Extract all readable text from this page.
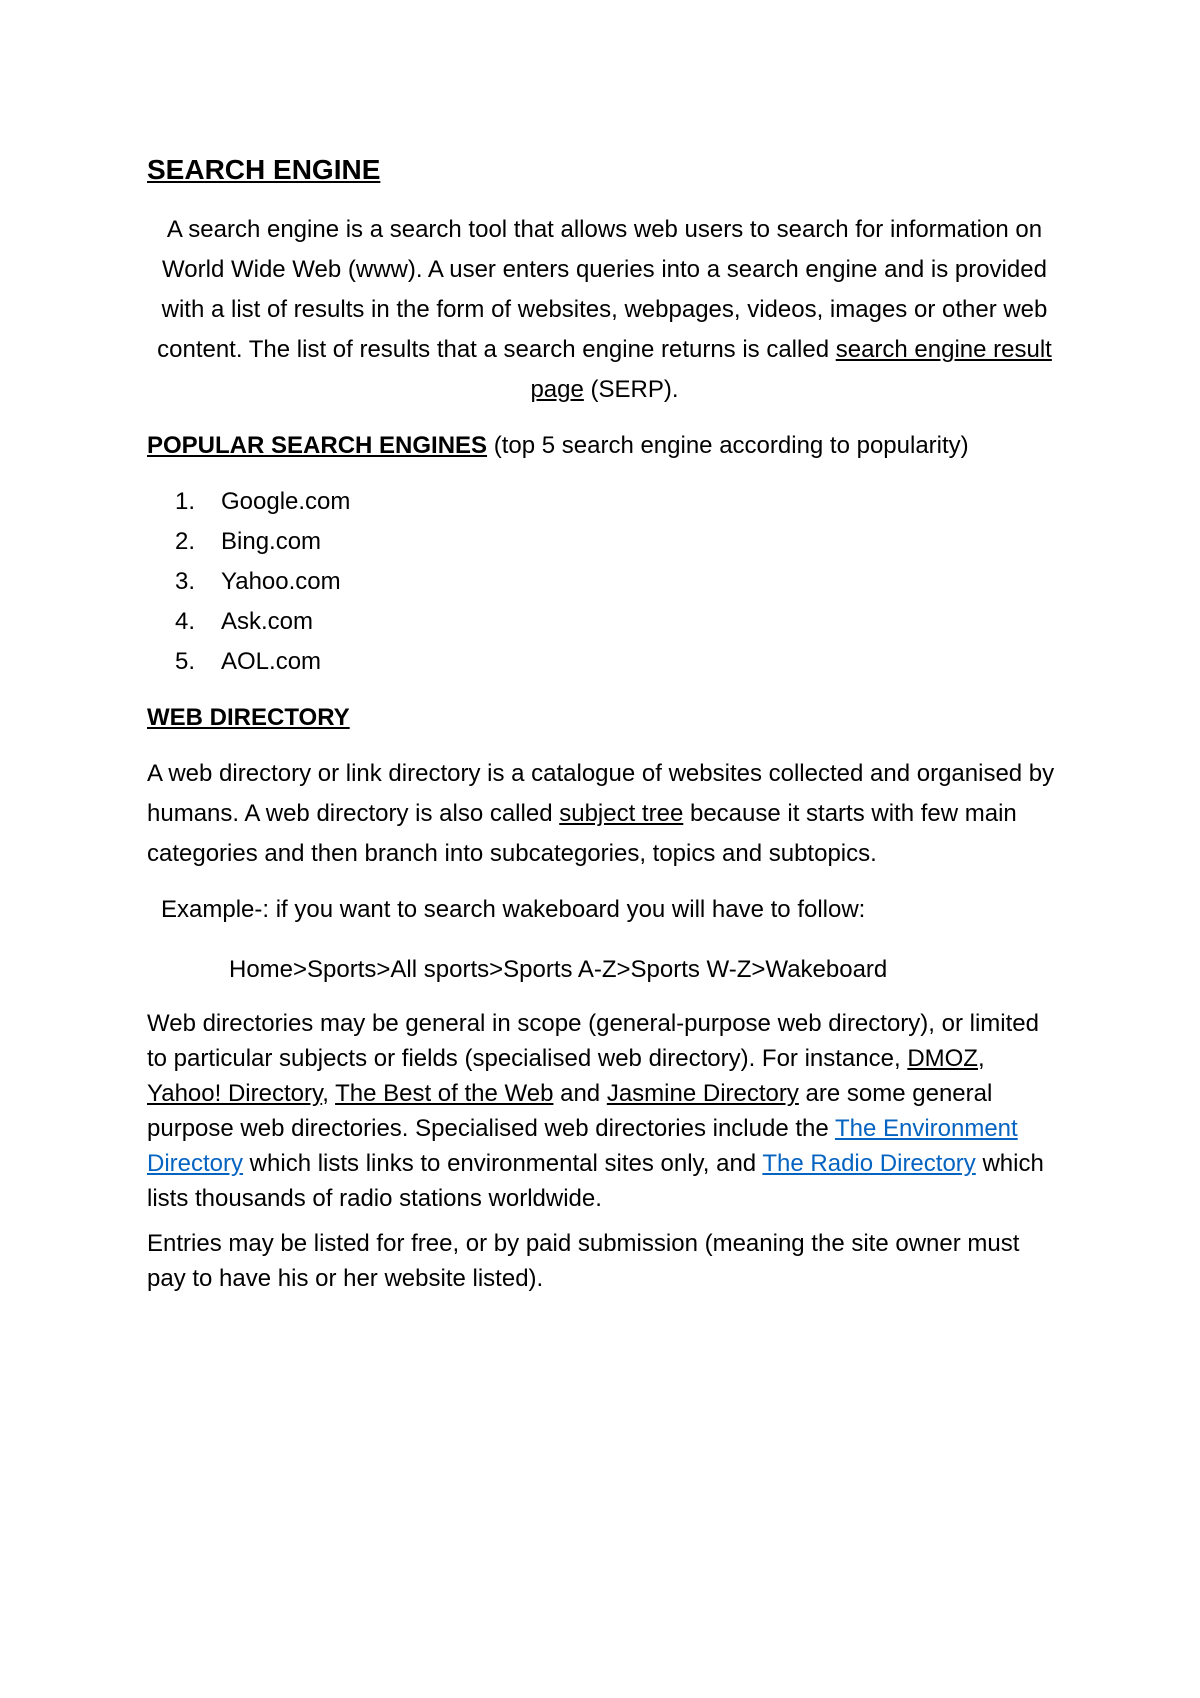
SEARCH ENGINE

A search engine is a search tool that allows web users to search for information on World Wide Web (www). A user enters queries into a search engine and is provided with a list of results in the form of websites, webpages, videos, images or other web content. The list of results that a search engine returns is called search engine result page (SERP).

POPULAR SEARCH ENGINES (top 5 search engine according to popularity)

1.	Google.com
2.	Bing.com
3.	Yahoo.com
4.	Ask.com
5.	AOL.com

WEB DIRECTORY

A web directory or link directory is a catalogue of websites collected and organised by humans. A web directory is also called subject tree because it starts with few main categories and then branch into subcategories, topics and subtopics.

Example-: if you want to search wakeboard you will have to follow:

Home>Sports>All sports>Sports A-Z>Sports W-Z>Wakeboard

Web directories may be general in scope (general-purpose web directory), or limited to particular subjects or fields (specialised web directory). For instance, DMOZ, Yahoo! Directory, The Best of the Web and Jasmine Directory are some general purpose web directories. Specialised web directories include the The Environment Directory which lists links to environmental sites only, and The Radio Directory which lists thousands of radio stations worldwide.

Entries may be listed for free, or by paid submission (meaning the site owner must pay to have his or her website listed).
